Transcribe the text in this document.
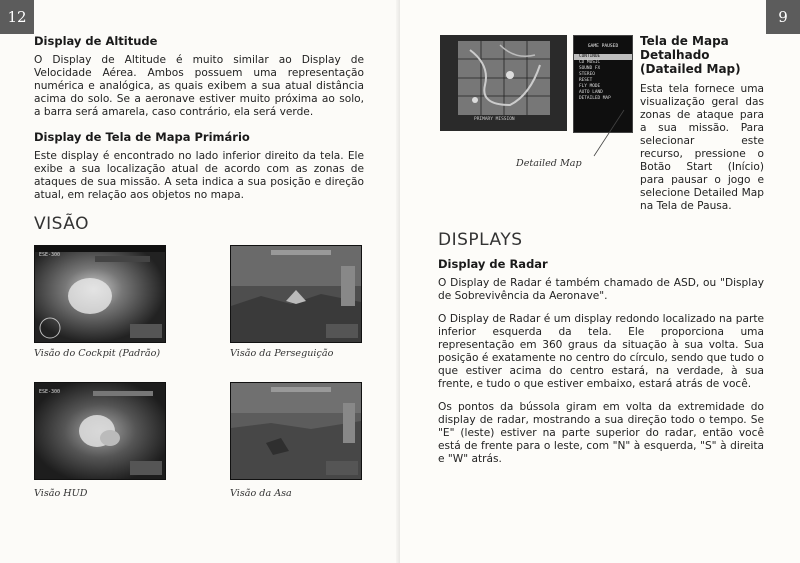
12
Display de Altitude

O Display de Altitude é muito similar ao Display de Velocidade Aérea. Ambos possuem uma representação numérica e analógica, as quais exibem a sua atual distância acima do solo. Se a aeronave estiver muito próxima ao solo, a barra será amarela, caso contrário, ela será verde.

Display de Tela de Mapa Primário

Este display é encontrado no lado inferior direito da tela. Ele exibe a sua localização atual de acordo com as zonas de ataques de sua missão. A seta indica a sua posição e direção atual, em relação aos objetos no mapa.

VISÃO
ESE-300
Visão do Cockpit (Padrão)	Visão da Perseguição
ESE-300
Visão HUD	Visão da Asa
9
PRIMARY MISSION
GAME PAUSED
CONTINUE
CD MUSIC
SOUND FX
STEREO
RESET
FLY MODE
AUTO LAND
DETAILED MAP
Detailed Map
Tela de Mapa Detalhado (Datailed Map)

Esta tela fornece uma visualização geral das zonas de ataque para a sua missão. Para selecionar este recurso, pressione o Botão Start (Início) para pausar o jogo e selecione Detailed Map na Tela de Pausa.

DISPLAYS
Display de Radar

O Display de Radar é também chamado de ASD, ou "Display de Sobrevivência da Aeronave".

O Display de Radar é um display redondo localizado na parte inferior esquerda da tela. Ele proporciona uma representação em 360 graus da situação à sua volta. Sua posição é exatamente no centro do círculo, sendo que tudo o que estiver acima do centro estará, na verdade, à sua frente, e tudo o que estiver embaixo, estará atrás de você.

Os pontos da bússola giram em volta da extremidade do display de radar, mostrando a sua direção todo o tempo. Se "E" (leste) estiver na parte superior do radar, então você está de frente para o leste, com "N" à esquerda, "S" à direita e "W" atrás.
